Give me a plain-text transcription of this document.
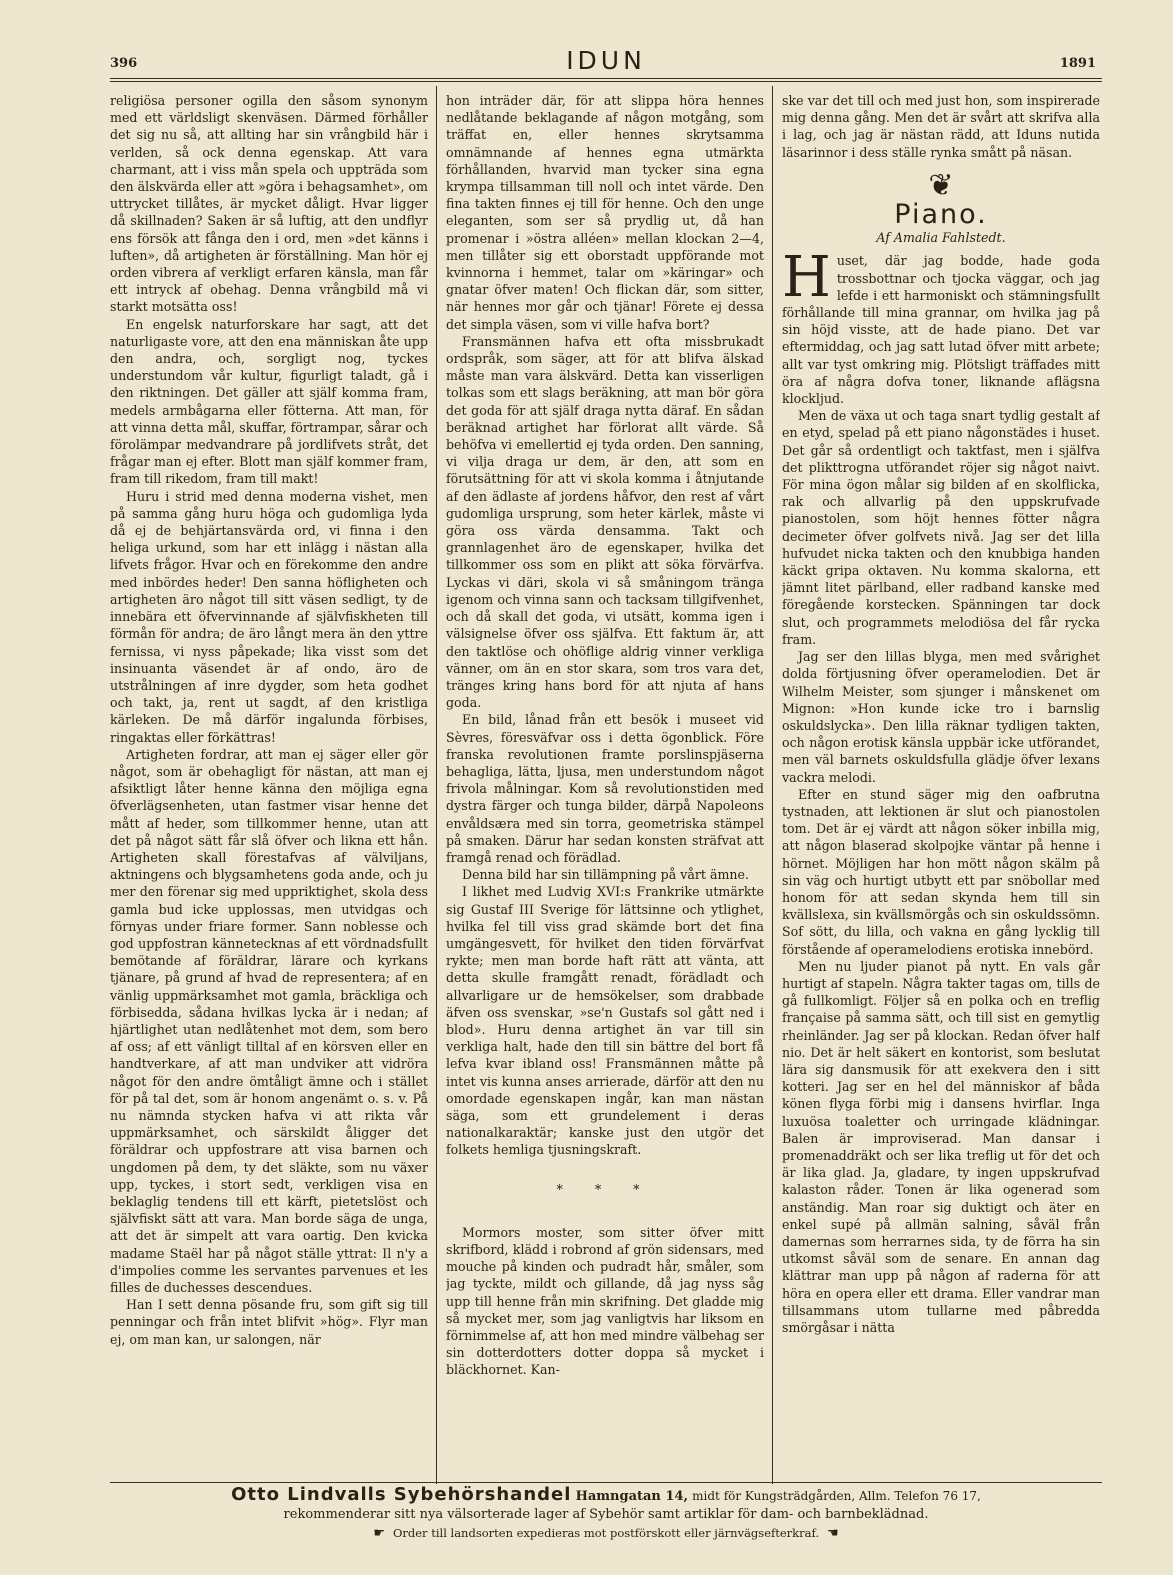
396	IDUN	1891

religiösa personer ogilla den såsom synonym med ett världsligt skenväsen. Därmed förhåller det sig nu så, att allting har sin vrångbild här i verlden, så ock denna egenskap. Att vara charmant, att i viss mån spela och uppträda som den älskvärda eller att »göra i behagsamhet», om uttrycket tillåtes, är mycket dåligt. Hvar ligger då skillnaden? Saken är så luftig, att den undflyr ens försök att fånga den i ord, men »det känns i luften», då artigheten är förställning. Man hör ej orden vibrera af verkligt erfaren känsla, man får ett intryck af obehag. Denna vrångbild må vi starkt motsätta oss!

En engelsk naturforskare har sagt, att det naturligaste vore, att den ena människan åte upp den andra, och, sorgligt nog, tyckes understundom vår kultur, figurligt taladt, gå i den riktningen. Det gäller att själf komma fram, medels armbågarna eller fötterna. Att man, för att vinna detta mål, skuffar, förtrampar, sårar och förolämpar medvandrare på jordlifvets stråt, det frågar man ej efter. Blott man själf kommer fram, fram till rikedom, fram till makt!

Huru i strid med denna moderna vishet, men på samma gång huru höga och gudomliga lyda då ej de behjärtansvärda ord, vi finna i den heliga urkund, som har ett inlägg i nästan alla lifvets frågor. Hvar och en förekomme den andre med inbördes heder! Den sanna höfligheten och artigheten äro något till sitt väsen sedligt, ty de innebära ett öfvervinnande af självfiskheten till förmån för andra; de äro långt mera än den yttre fernissa, vi nyss påpekade; lika visst som det insinuanta väsendet är af ondo, äro de utstrålningen af inre dygder, som heta godhet och takt, ja, rent ut sagdt, af den kristliga kärleken. De må därför ingalunda förbises, ringaktas eller förkättras!

Artigheten fordrar, att man ej säger eller gör något, som är obehagligt för nästan, att man ej afsiktligt låter henne känna den möjliga egna öfverlägsenheten, utan fastmer visar henne det mått af heder, som tillkommer henne, utan att det på något sätt får slå öfver och likna ett hån. Artigheten skall förestafvas af välviljans, aktningens och blygsamhetens goda ande, och ju mer den förenar sig med uppriktighet, skola dess gamla bud icke upplossas, men utvidgas och förnyas under friare former. Sann noblesse och god uppfostran kännetecknas af ett vördnadsfullt bemötande af föräldrar, lärare och kyrkans tjänare, på grund af hvad de representera; af en vänlig uppmärksamhet mot gamla, bräckliga och förbisedda, sådana hvilkas lycka är i nedan; af hjärtlighet utan nedlåtenhet mot dem, som bero af oss; af ett vänligt tilltal af en körsven eller en handtverkare, af att man undviker att vidröra något för den andre ömtåligt ämne och i stället för på tal det, som är honom angenämt o. s. v. På nu nämnda stycken hafva vi att rikta vår uppmärksamhet, och särskildt åligger det föräldrar och uppfostrare att visa barnen och ungdomen på dem, ty det släkte, som nu växer upp, tyckes, i stort sedt, verkligen visa en beklaglig tendens till ett kärft, pietetslöst och självfiskt sätt att vara. Man borde säga de unga, att det är simpelt att vara oartig. Den kvicka madame Staël har på något ställe yttrat: Il n'y a d'impolies comme les servantes parvenues et les filles de duchesses descendues.

Han I sett denna pösande fru, som gift sig till penningar och från intet blifvit »hög». Flyr man ej, om man kan, ur salongen, när

hon inträder där, för att slippa höra hennes nedlåtande beklagande af någon motgång, som träffat en, eller hennes skrytsamma omnämnande af hennes egna utmärkta förhållanden, hvarvid man tycker sina egna krympa tillsamman till noll och intet värde. Den fina takten finnes ej till för henne. Och den unge eleganten, som ser så prydlig ut, då han promenar i »östra alléen» mellan klockan 2—4, men tillåter sig ett oborstadt uppförande mot kvinnorna i hemmet, talar om »käringar» och gnatar öfver maten! Och flickan där, som sitter, när hennes mor går och tjänar! Förete ej dessa det simpla väsen, som vi ville hafva bort?

Fransmännen hafva ett ofta missbrukadt ordspråk, som säger, att för att blifva älskad måste man vara älskvärd. Detta kan visserligen tolkas som ett slags beräkning, att man bör göra det goda för att själf draga nytta däraf. En sådan beräknad artighet har förlorat allt värde. Så behöfva vi emellertid ej tyda orden. Den sanning, vi vilja draga ur dem, är den, att som en förutsättning för att vi skola komma i åtnjutande af den ädlaste af jordens håfvor, den rest af vårt gudomliga ursprung, som heter kärlek, måste vi göra oss värda densamma. Takt och grannlagenhet äro de egenskaper, hvilka det tillkommer oss som en plikt att söka förvärfva. Lyckas vi däri, skola vi så småningom tränga igenom och vinna sann och tacksam tillgifvenhet, och då skall det goda, vi utsätt, komma igen i välsignelse öfver oss själfva. Ett faktum är, att den taktlöse och ohöflige aldrig vinner verkliga vänner, om än en stor skara, som tros vara det, tränges kring hans bord för att njuta af hans goda.

En bild, lånad från ett besök i museet vid Sèvres, föresväfvar oss i detta ögonblick. Före franska revolutionen framte porslinspjäserna behagliga, lätta, ljusa, men understundom något frivola målningar. Kom så revolutionstiden med dystra färger och tunga bilder, därpå Napoleons envåldsæra med sin torra, geometriska stämpel på smaken. Därur har sedan konsten sträfvat att framgå renad och förädlad.

Denna bild har sin tillämpning på vårt ämne.

I likhet med Ludvig XVI:s Frankrike utmärkte sig Gustaf III Sverige för lättsinne och ytlighet, hvilka fel till viss grad skämde bort det fina umgängesvett, för hvilket den tiden förvärfvat rykte; men man borde haft rätt att vänta, att detta skulle framgått renadt, förädladt och allvarligare ur de hemsökelser, som drabbade äfven oss svenskar, »se'n Gustafs sol gått ned i blod». Huru denna artighet än var till sin verkliga halt, hade den till sin bättre del bort få lefva kvar ibland oss! Fransmännen måtte på intet vis kunna anses arrierade, därför att den nu omordade egenskapen ingår, kan man nästan säga, som ett grundelement i deras nationalkaraktär; kanske just den utgör det folkets hemliga tjusningskraft.

* * *

Mormors moster, som sitter öfver mitt skrifbord, klädd i robrond af grön sidensars, med mouche på kinden och pudradt hår, småler, som jag tyckte, mildt och gillande, då jag nyss såg upp till henne från min skrifning. Det gladde mig så mycket mer, som jag vanligtvis har liksom en förnimmelse af, att hon med mindre välbehag ser sin dotterdotters dotter doppa så mycket i bläckhornet. Kan-

ske var det till och med just hon, som inspirerade mig denna gång. Men det är svårt att skrifva alla i lag, och jag är nästan rädd, att Iduns nutida läsarinnor i dess ställe rynka smått på näsan.

❦
Piano.
Af Amalia Fahlstedt.

Huset, där jag bodde, hade goda trossbottnar och tjocka väggar, och jag lefde i ett harmoniskt och stämningsfullt förhållande till mina grannar, om hvilka jag på sin höjd visste, att de hade piano. Det var eftermiddag, och jag satt lutad öfver mitt arbete; allt var tyst omkring mig. Plötsligt träffades mitt öra af några dofva toner, liknande aflägsna klockljud.

Men de växa ut och taga snart tydlig gestalt af en etyd, spelad på ett piano någonstädes i huset. Det går så ordentligt och taktfast, men i själfva det plikttrogna utförandet röjer sig något naivt. För mina ögon målar sig bilden af en skolflicka, rak och allvarlig på den uppskrufvade pianostolen, som höjt hennes fötter några decimeter öfver golfvets nivå. Jag ser det lilla hufvudet nicka takten och den knubbiga handen käckt gripa oktaven. Nu komma skalorna, ett jämnt litet pärlband, eller radband kanske med föregående korstecken. Spänningen tar dock slut, och programmets melodiösa del får rycka fram.

Jag ser den lillas blyga, men med svårighet dolda förtjusning öfver operamelodien. Det är Wilhelm Meister, som sjunger i månskenet om Mignon: »Hon kunde icke tro i barnslig oskuldslycka». Den lilla räknar tydligen takten, och någon erotisk känsla uppbär icke utförandet, men väl barnets oskuldsfulla glädje öfver lexans vackra melodi.

Efter en stund säger mig den oafbrutna tystnaden, att lektionen är slut och pianostolen tom. Det är ej värdt att någon söker inbilla mig, att någon blaserad skolpojke väntar på henne i hörnet. Möjligen har hon mött någon skälm på sin väg och hurtigt utbytt ett par snöbollar med honom för att sedan skynda hem till sin kvällslexa, sin kvällsmörgås och sin oskuldssömn. Sof sött, du lilla, och vakna en gång lycklig till förstående af operamelodiens erotiska innebörd.

Men nu ljuder pianot på nytt. En vals går hurtigt af stapeln. Några takter tagas om, tills de gå fullkomligt. Följer så en polka och en treflig française på samma sätt, och till sist en gemytlig rheinländer. Jag ser på klockan. Redan öfver half nio. Det är helt säkert en kontorist, som beslutat lära sig dansmusik för att exekvera den i sitt kotteri. Jag ser en hel del människor af båda könen flyga förbi mig i dansens hvirflar. Inga luxuösa toaletter och urringade klädningar. Balen är improviserad. Man dansar i promenaddräkt och ser lika treflig ut för det och är lika glad. Ja, gladare, ty ingen uppskrufvad kalaston råder. Tonen är lika ogenerad som anständig. Man roar sig duktigt och äter en enkel supé på allmän salning, såväl från damernas som herrarnes sida, ty de förra ha sin utkomst såväl som de senare. En annan dag klättrar man upp på någon af raderna för att höra en opera eller ett drama. Eller vandrar man tillsammans utom tullarne med påbredda smörgåsar i nätta

Otto Lindvalls Sybehörshandel Hamngatan 14, midt för Kungsträdgården, Allm. Telefon 76 17,
rekommenderar sitt nya välsorterade lager af Sybehör samt artiklar för dam- och barnbeklädnad.
☛ Order till landsorten expedieras mot postförskott eller järnvägsefterkraf. ☚
